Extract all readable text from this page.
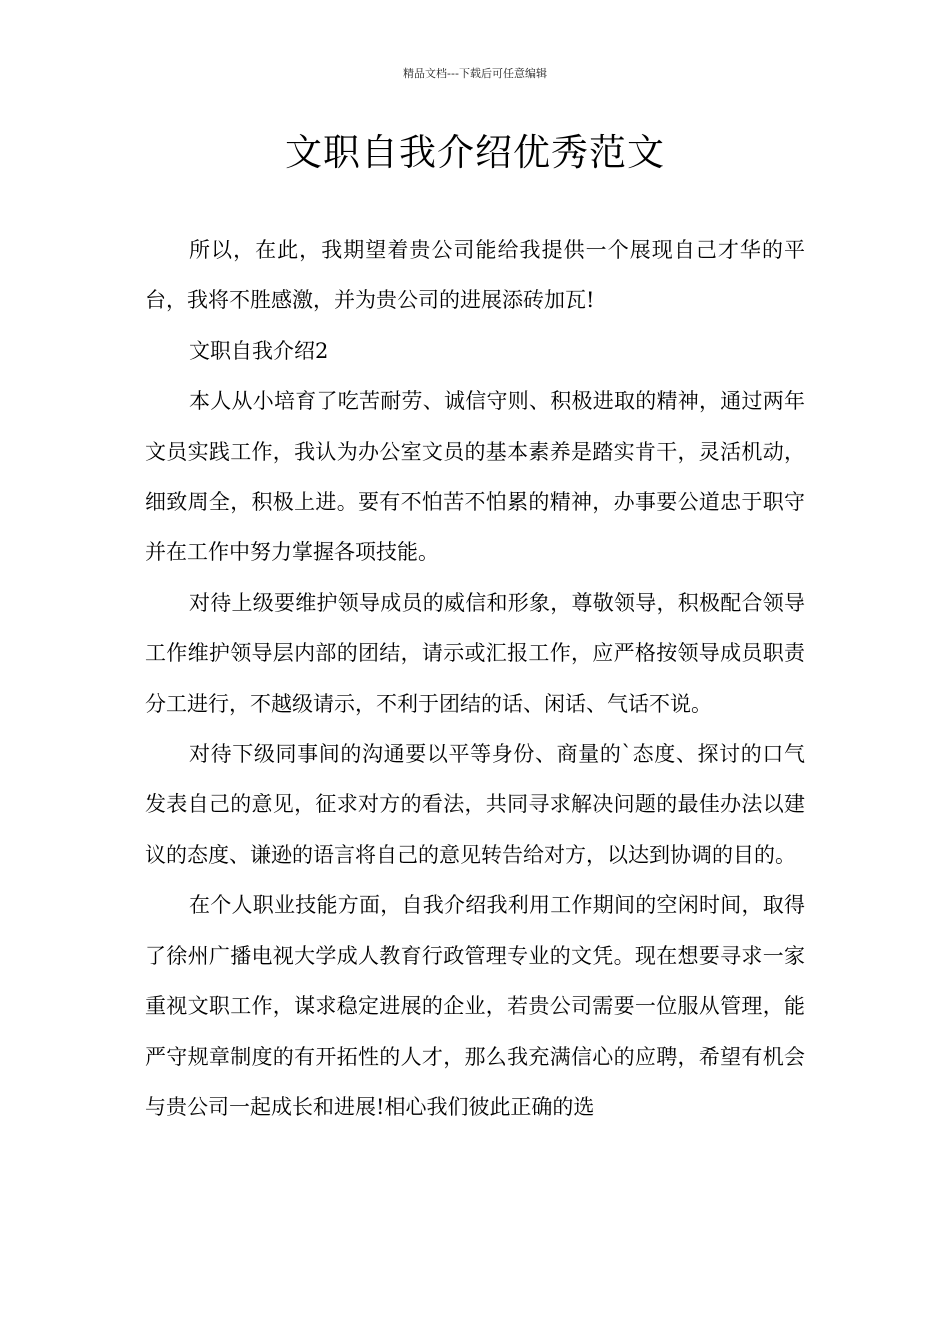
精品文档---下载后可任意编辑
文职自我介绍优秀范文

所以，在此，我期望着贵公司能给我提供一个展现自己才华的平台，我将不胜感激，并为贵公司的进展添砖加瓦!

文职自我介绍2

本人从小培育了吃苦耐劳、诚信守则、积极进取的精神，通过两年文员实践工作，我认为办公室文员的基本素养是踏实肯干，灵活机动，细致周全，积极上进。要有不怕苦不怕累的精神，办事要公道忠于职守并在工作中努力掌握各项技能。

对待上级要维护领导成员的威信和形象，尊敬领导，积极配合领导工作维护领导层内部的团结，请示或汇报工作，应严格按领导成员职责分工进行，不越级请示，不利于团结的话、闲话、气话不说。

对待下级同事间的沟通要以平等身份、商量的`态度、探讨的口气发表自己的意见，征求对方的看法，共同寻求解决问题的最佳办法以建议的态度、谦逊的语言将自己的意见转告给对方，以达到协调的目的。

在个人职业技能方面，自我介绍我利用工作期间的空闲时间，取得了徐州广播电视大学成人教育行政管理专业的文凭。现在想要寻求一家重视文职工作，谋求稳定进展的企业，若贵公司需要一位服从管理，能严守规章制度的有开拓性的人才，那么我充满信心的应聘，希望有机会与贵公司一起成长和进展!相心我们彼此正确的选
